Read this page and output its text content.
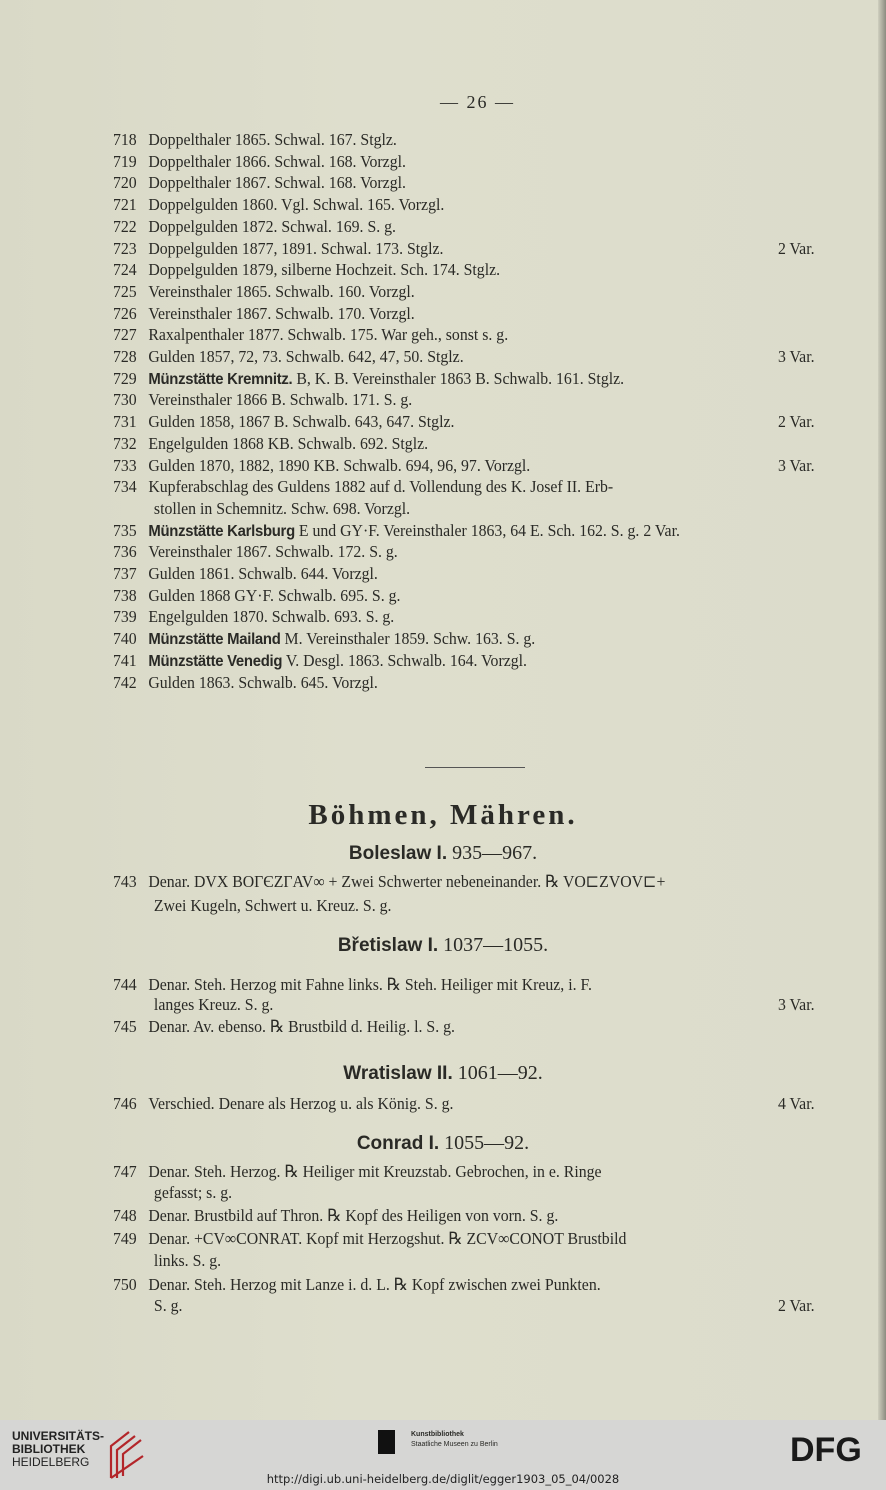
— 26 —
718 Doppelthaler 1865. Schwal. 167. Stglz.
719 Doppelthaler 1866. Schwal. 168. Vorzgl.
720 Doppelthaler 1867. Schwal. 168. Vorzgl.
721 Doppelgulden 1860. Vgl. Schwal. 165. Vorzgl.
722 Doppelgulden 1872. Schwal. 169. S. g.
723 Doppelgulden 1877, 1891. Schwal. 173. Stglz.	2 Var.
724 Doppelgulden 1879, silberne Hochzeit. Sch. 174. Stglz.
725 Vereinsthaler 1865. Schwalb. 160. Vorzgl.
726 Vereinsthaler 1867. Schwalb. 170. Vorzgl.
727 Raxalpenthaler 1877. Schwalb. 175. War geh., sonst s. g.
728 Gulden 1857, 72, 73. Schwalb. 642, 47, 50. Stglz.	3 Var.
729 Münzstätte Kremnitz. B, K. B. Vereinsthaler 1863 B. Schwalb. 161. Stglz.
730 Vereinsthaler 1866 B. Schwalb. 171. S. g.
731 Gulden 1858, 1867 B. Schwalb. 643, 647. Stglz.	2 Var.
732 Engelgulden 1868 KB. Schwalb. 692. Stglz.
733 Gulden 1870, 1882, 1890 KB. Schwalb. 694, 96, 97. Vorzgl.	3 Var.
734 Kupferabschlag des Guldens 1882 auf d. Vollendung des K. Josef II. Erb-
stollen in Schemnitz. Schw. 698. Vorzgl.
735 Münzstätte Karlsburg E und GY·F. Vereinsthaler 1863, 64 E. Sch. 162. S. g. 2 Var.
736 Vereinsthaler 1867. Schwalb. 172. S. g.
737 Gulden 1861. Schwalb. 644. Vorzgl.
738 Gulden 1868 GY·F. Schwalb. 695. S. g.
739 Engelgulden 1870. Schwalb. 693. S. g.
740 Münzstätte Mailand M. Vereinsthaler 1859. Schw. 163. S. g.
741 Münzstätte Venedig V. Desgl. 1863. Schwalb. 164. Vorzgl.
742 Gulden 1863. Schwalb. 645. Vorzgl.
Böhmen, Mähren.
Boleslaw I. 935—967.
743 Denar. DVX BOΓЄZΓAV∞ + Zwei Schwerter nebeneinander. ℞ VO⊏ZVOV⊏+
Zwei Kugeln, Schwert u. Kreuz. S. g.
Břetislaw I. 1037—1055.
744 Denar. Steh. Herzog mit Fahne links. ℞ Steh. Heiliger mit Kreuz, i. F.
langes Kreuz. S. g.	3 Var.
745 Denar. Av. ebenso. ℞ Brustbild d. Heilig. l. S. g.
Wratislaw II. 1061—92.
746 Verschied. Denare als Herzog u. als König. S. g.	4 Var.
Conrad I. 1055—92.
747 Denar. Steh. Herzog. ℞ Heiliger mit Kreuzstab. Gebrochen, in e. Ringe
gefasst; s. g.
748 Denar. Brustbild auf Thron. ℞ Kopf des Heiligen von vorn. S. g.
749 Denar. +CV∞CONRAT. Kopf mit Herzogshut. ℞ ZCV∞CONOT Brustbild
links. S. g.
750 Denar. Steh. Herzog mit Lanze i. d. L. ℞ Kopf zwischen zwei Punkten.
S. g.	2 Var.
UNIVERSITÄTS-
BIBLIOTHEK
HEIDELBERG
Kunstbibliothek
Staatliche Museen zu Berlin	DFG
http://digi.ub.uni-heidelberg.de/diglit/egger1903_05_04/0028
